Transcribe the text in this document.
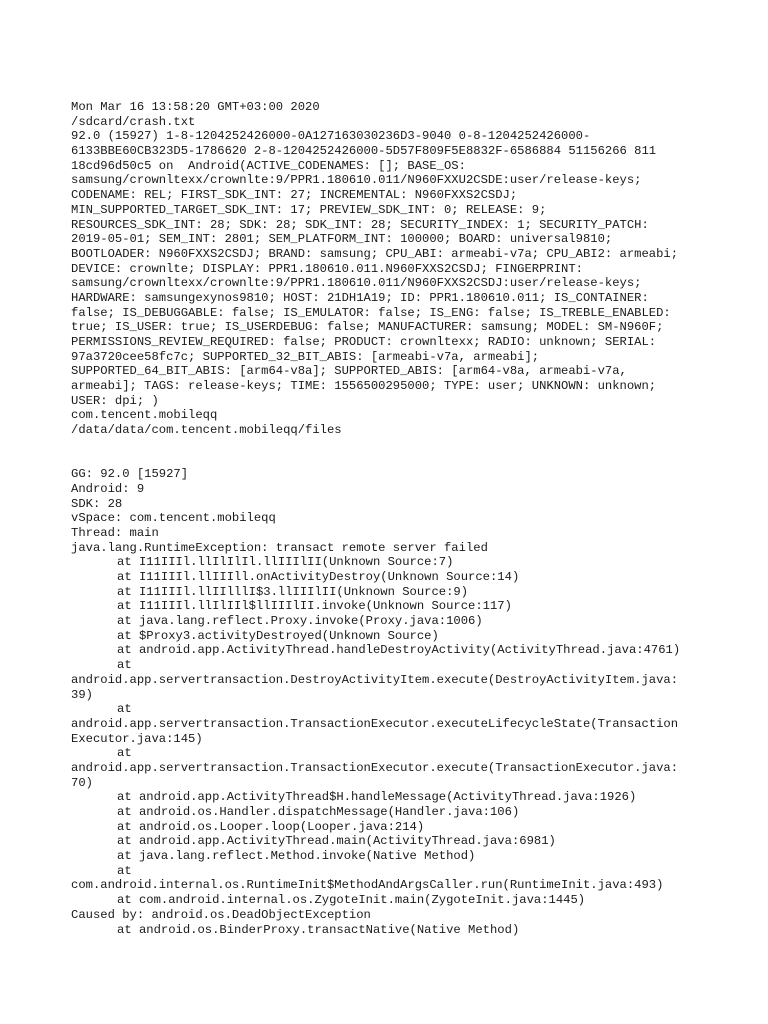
Mon Mar 16 13:58:20 GMT+03:00 2020
/sdcard/crash.txt
92.0 (15927) 1-8-1204252426000-0A127163030236D3-9040 0-8-1204252426000-
6133BBE60CB323D5-1786620 2-8-1204252426000-5D57F809F5E8832F-6586884 51156266 811
18cd96d50c5 on  Android(ACTIVE_CODENAMES: []; BASE_OS:
samsung/crownltexx/crownlte:9/PPR1.180610.011/N960FXXU2CSDE:user/release-keys;
CODENAME: REL; FIRST_SDK_INT: 27; INCREMENTAL: N960FXXS2CSDJ;
MIN_SUPPORTED_TARGET_SDK_INT: 17; PREVIEW_SDK_INT: 0; RELEASE: 9;
RESOURCES_SDK_INT: 28; SDK: 28; SDK_INT: 28; SECURITY_INDEX: 1; SECURITY_PATCH:
2019-05-01; SEM_INT: 2801; SEM_PLATFORM_INT: 100000; BOARD: universal9810;
BOOTLOADER: N960FXXS2CSDJ; BRAND: samsung; CPU_ABI: armeabi-v7a; CPU_ABI2: armeabi;
DEVICE: crownlte; DISPLAY: PPR1.180610.011.N960FXXS2CSDJ; FINGERPRINT:
samsung/crownltexx/crownlte:9/PPR1.180610.011/N960FXXS2CSDJ:user/release-keys;
HARDWARE: samsungexynos9810; HOST: 21DH1A19; ID: PPR1.180610.011; IS_CONTAINER:
false; IS_DEBUGGABLE: false; IS_EMULATOR: false; IS_ENG: false; IS_TREBLE_ENABLED:
true; IS_USER: true; IS_USERDEBUG: false; MANUFACTURER: samsung; MODEL: SM-N960F;
PERMISSIONS_REVIEW_REQUIRED: false; PRODUCT: crownltexx; RADIO: unknown; SERIAL:
97a3720cee58fc7c; SUPPORTED_32_BIT_ABIS: [armeabi-v7a, armeabi];
SUPPORTED_64_BIT_ABIS: [arm64-v8a]; SUPPORTED_ABIS: [arm64-v8a, armeabi-v7a,
armeabi]; TAGS: release-keys; TIME: 1556500295000; TYPE: user; UNKNOWN: unknown;
USER: dpi; )
com.tencent.mobileqq
/data/data/com.tencent.mobileqq/files
GG: 92.0 [15927]
Android: 9
SDK: 28
vSpace: com.tencent.mobileqq
Thread: main
java.lang.RuntimeException: transact remote server failed
at I11IIIl.llIlIlIl.llIIIlII(Unknown Source:7)
at I11IIIl.llIIIll.onActivityDestroy(Unknown Source:14)
at I11IIIl.llIIlllI$3.llIIIlII(Unknown Source:9)
at I11IIIl.llIlIIl$llIIIlII.invoke(Unknown Source:117)
at java.lang.reflect.Proxy.invoke(Proxy.java:1006)
at $Proxy3.activityDestroyed(Unknown Source)
at android.app.ActivityThread.handleDestroyActivity(ActivityThread.java:4761)
at
android.app.servertransaction.DestroyActivityItem.execute(DestroyActivityItem.java:
39)
at
android.app.servertransaction.TransactionExecutor.executeLifecycleState(Transaction
Executor.java:145)
at
android.app.servertransaction.TransactionExecutor.execute(TransactionExecutor.java:
70)
at android.app.ActivityThread$H.handleMessage(ActivityThread.java:1926)
at android.os.Handler.dispatchMessage(Handler.java:106)
at android.os.Looper.loop(Looper.java:214)
at android.app.ActivityThread.main(ActivityThread.java:6981)
at java.lang.reflect.Method.invoke(Native Method)
at
com.android.internal.os.RuntimeInit$MethodAndArgsCaller.run(RuntimeInit.java:493)
at com.android.internal.os.ZygoteInit.main(ZygoteInit.java:1445)
Caused by: android.os.DeadObjectException
at android.os.BinderProxy.transactNative(Native Method)
